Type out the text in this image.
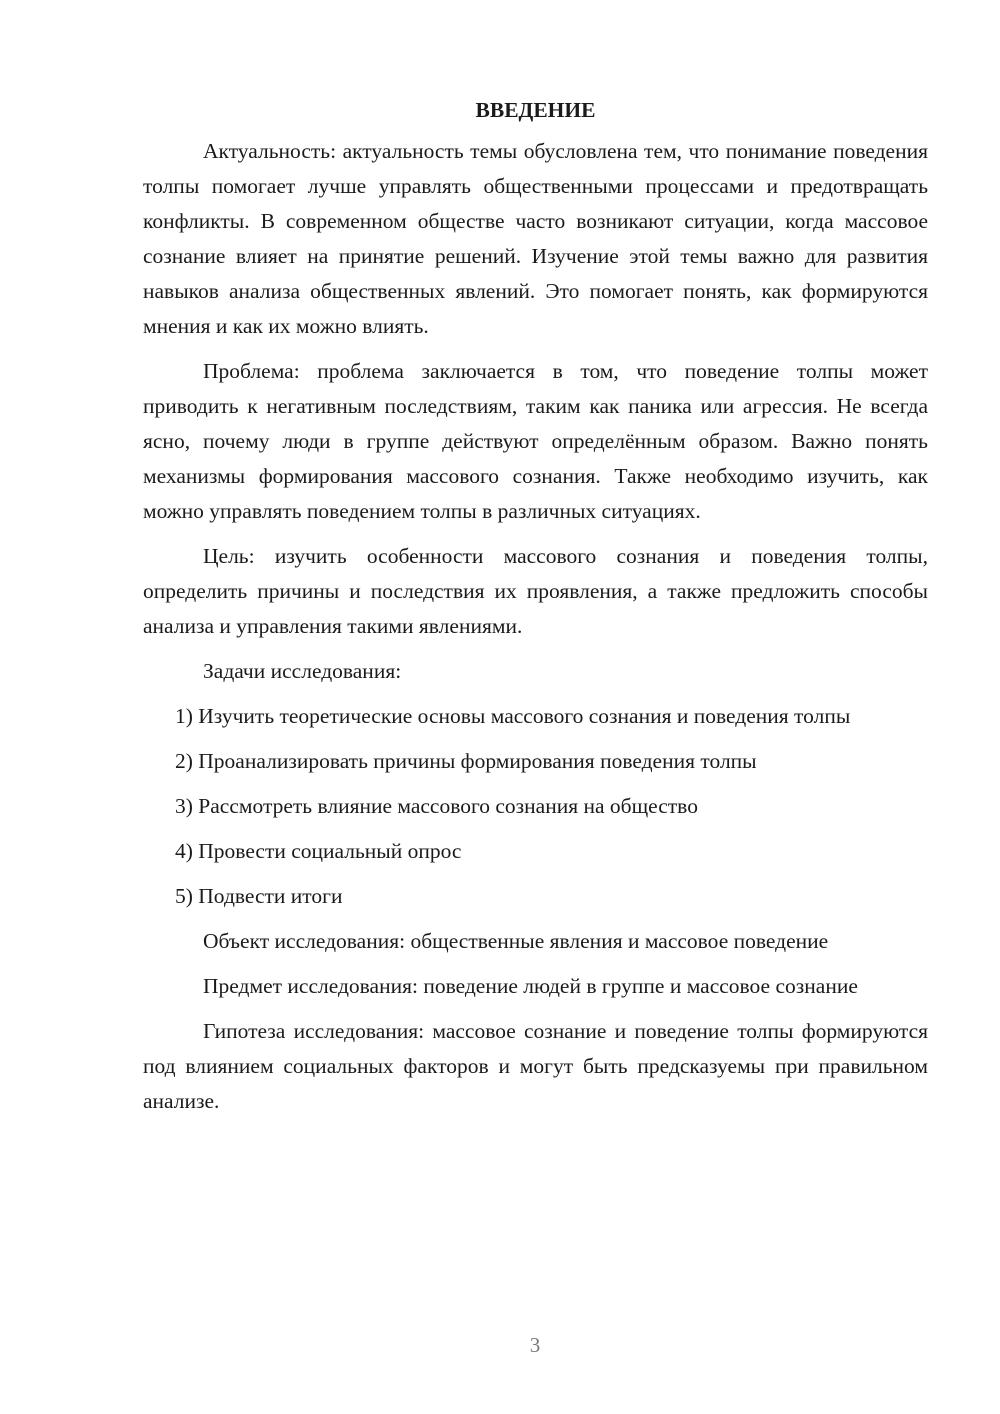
ВВЕДЕНИЕ

Актуальность: актуальность темы обусловлена тем, что понимание поведения толпы помогает лучше управлять общественными процессами и предотвращать конфликты. В современном обществе часто возникают ситуации, когда массовое сознание влияет на принятие решений. Изучение этой темы важно для развития навыков анализа общественных явлений. Это помогает понять, как формируются мнения и как их можно влиять.

Проблема: проблема заключается в том, что поведение толпы может приводить к негативным последствиям, таким как паника или агрессия. Не всегда ясно, почему люди в группе действуют определённым образом. Важно понять механизмы формирования массового сознания. Также необходимо изучить, как можно управлять поведением толпы в различных ситуациях.

Цель: изучить особенности массового сознания и поведения толпы, определить причины и последствия их проявления, а также предложить способы анализа и управления такими явлениями.

Задачи исследования:

1) Изучить теоретические основы массового сознания и поведения толпы

2) Проанализировать причины формирования поведения толпы

3) Рассмотреть влияние массового сознания на общество

4) Провести социальный опрос

5) Подвести итоги

Объект исследования: общественные явления и массовое поведение

Предмет исследования: поведение людей в группе и массовое сознание

Гипотеза исследования: массовое сознание и поведение толпы формируются под влиянием социальных факторов и могут быть предсказуемы при правильном анализе.

3
